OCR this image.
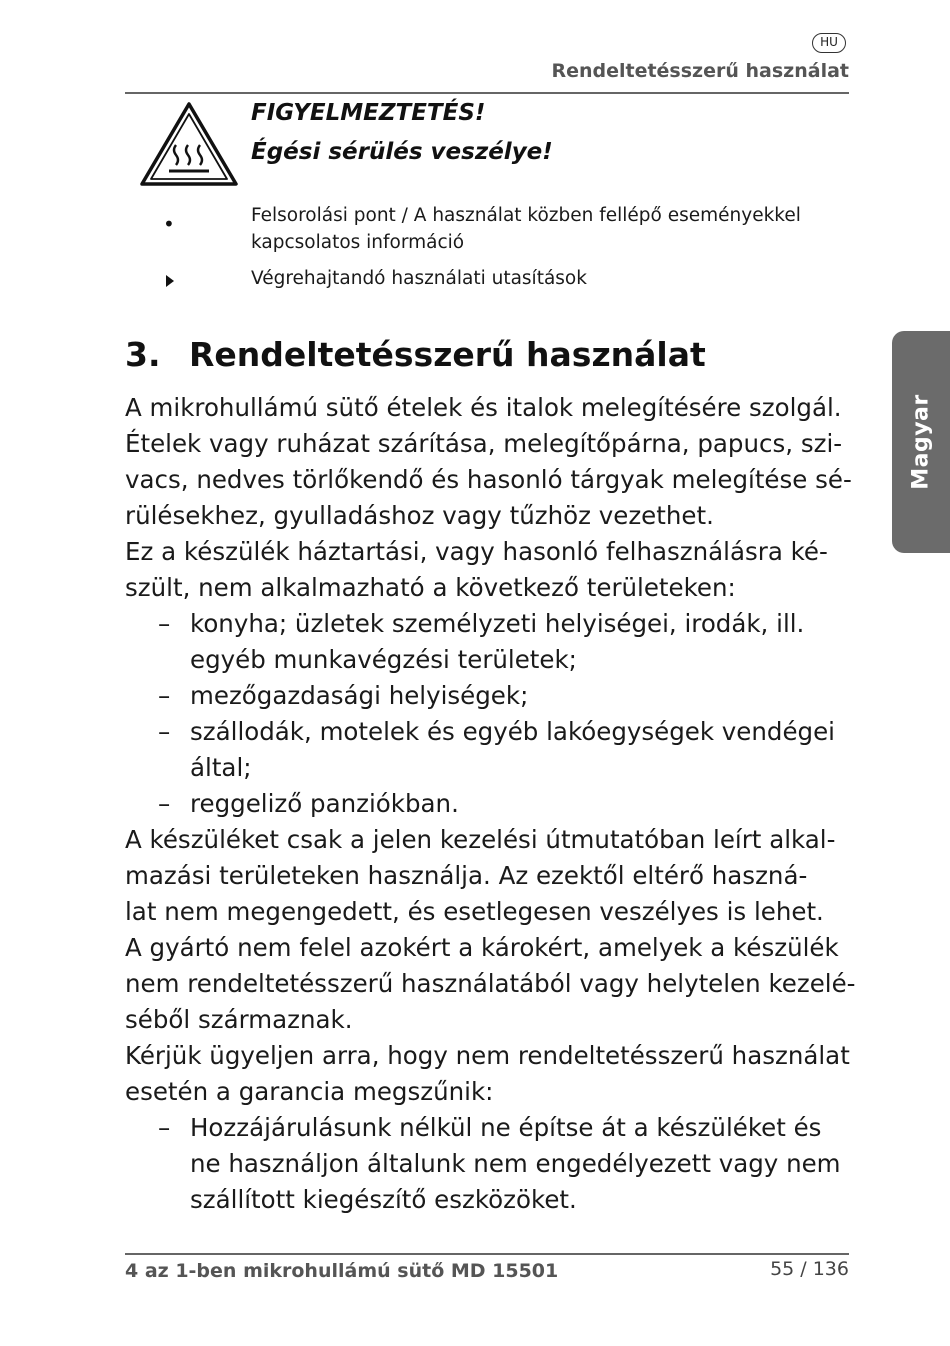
HU
Rendeltetésszerű használat
FIGYELMEZTETÉS!
Égési sérülés veszélye!
•	Felsorolási pont / A használat közben fellépő eseményekkel kapcsolatos információ
Végrehajtandó használati utasítások
3. Rendeltetésszerű használat
A mikrohullámú sütő ételek és italok melegítésére szolgál.
Ételek vagy ruházat szárítása, melegítőpárna, papucs, szi-
vacs, nedves törlőkendő és hasonló tárgyak melegítése sé-
rülésekhez, gyulladáshoz vagy tűzhöz vezethet.
Ez a készülék háztartási, vagy hasonló felhasználásra ké-
szült, nem alkalmazható a következő területeken:
– konyha; üzletek személyzeti helyiségei, irodák, ill.
egyéb munkavégzési területek;
– mezőgazdasági helyiségek;
– szállodák, motelek és egyéb lakóegységek vendégei
által;
– reggeliző panziókban.
A készüléket csak a jelen kezelési útmutatóban leírt alkal-
mazási területeken használja. Az ezektől eltérő haszná-
lat nem megengedett, és esetlegesen veszélyes is lehet.
A gyártó nem felel azokért a károkért, amelyek a készülék
nem rendeltetésszerű használatából vagy helytelen kezelé-
séből származnak.
Kérjük ügyeljen arra, hogy nem rendeltetésszerű használat
esetén a garancia megszűnik:
– Hozzájárulásunk nélkül ne építse át a készüléket és
ne használjon általunk nem engedélyezett vagy nem
szállított kiegészítő eszközöket.
Magyar
4 az 1-ben mikrohullámú sütő MD 15501	55 / 136
